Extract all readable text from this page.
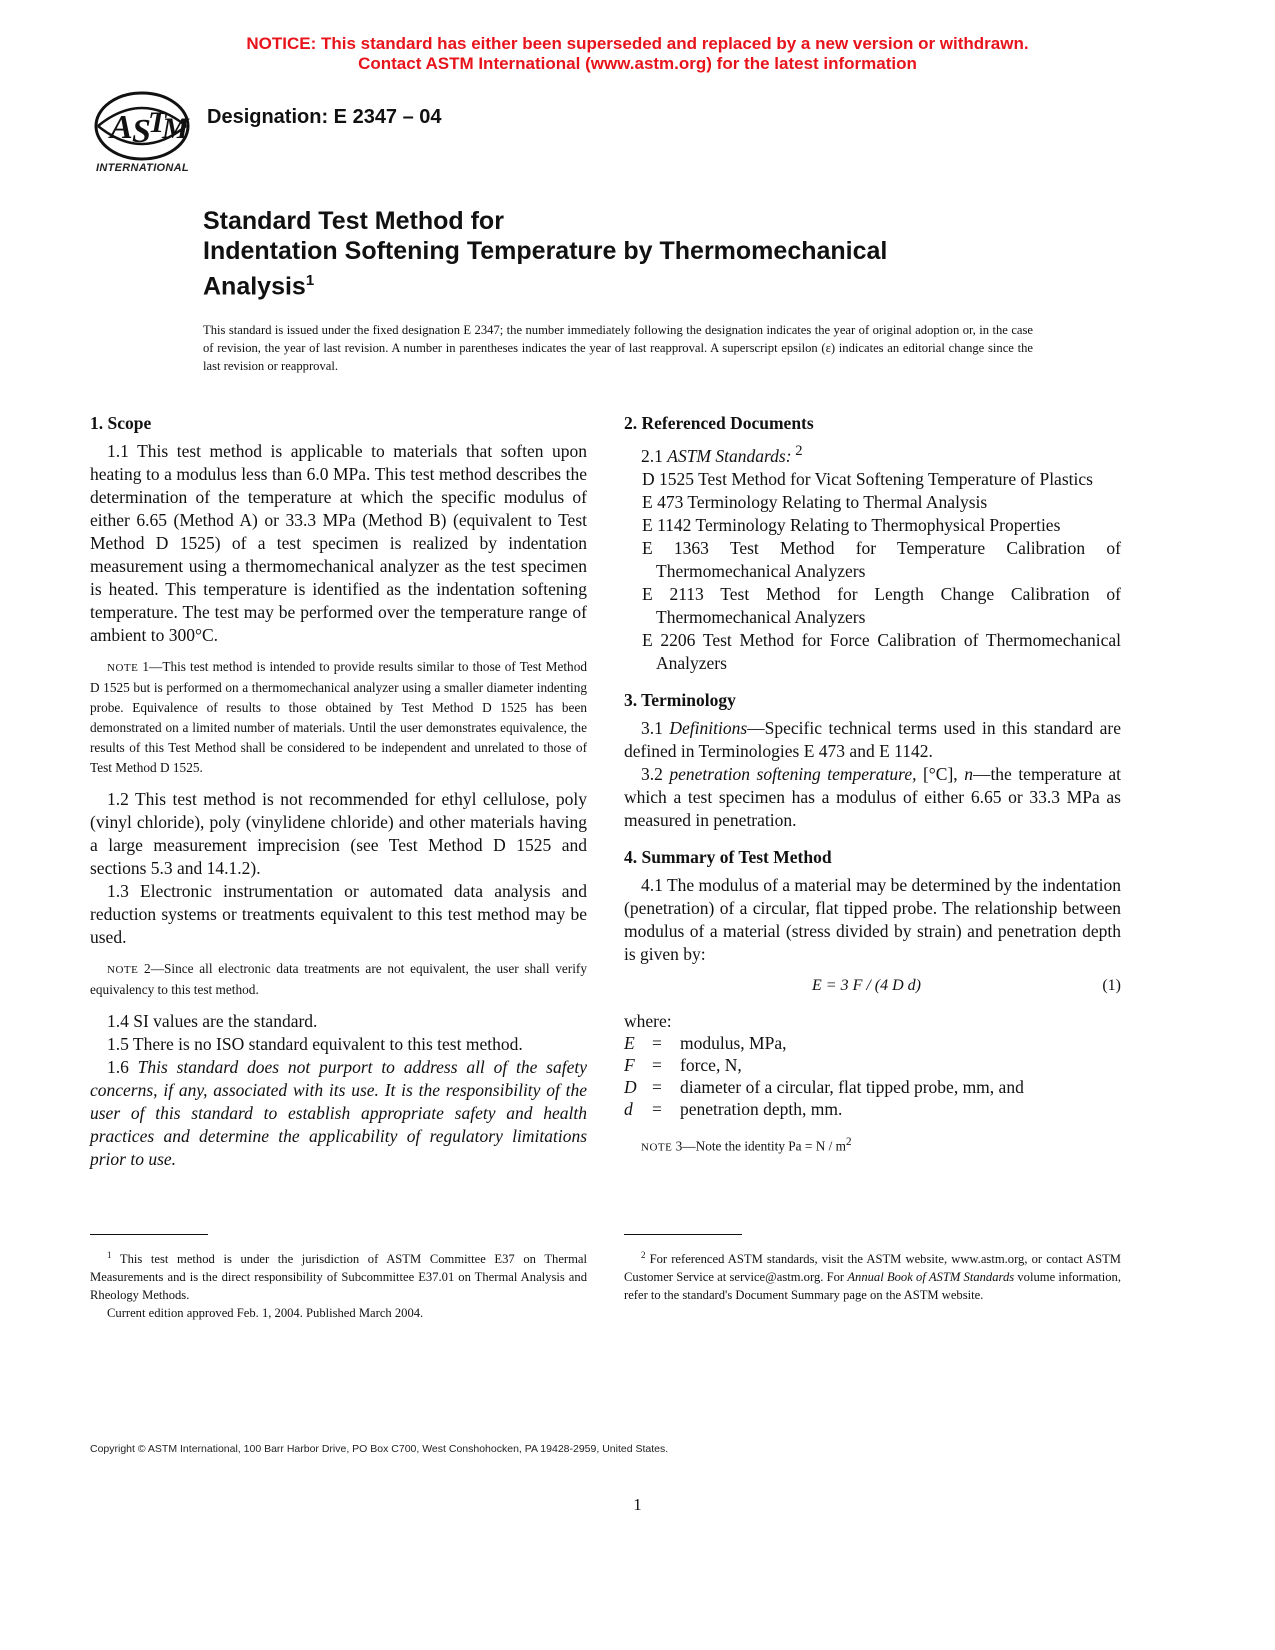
NOTICE: This standard has either been superseded and replaced by a new version or withdrawn.
Contact ASTM International (www.astm.org) for the latest information
A S
T
M
INTERNATIONAL
Designation: E 2347 – 04
Standard Test Method for
Indentation Softening Temperature by Thermomechanical
Analysis$^1$
This standard is issued under the fixed designation E 2347; the number immediately following the designation indicates the year of original adoption or, in the case of revision, the year of last revision. A number in parentheses indicates the year of last reapproval. A superscript epsilon (ε) indicates an editorial change since the last revision or reapproval.
1. Scope

1.1 This test method is applicable to materials that soften upon heating to a modulus less than 6.0 MPa. This test method describes the determination of the temperature at which the specific modulus of either 6.65 (Method A) or 33.3 MPa (Method B) (equivalent to Test Method D 1525) of a test specimen is realized by indentation measurement using a thermomechanical analyzer as the test specimen is heated. This temperature is identified as the indentation softening temperature. The test may be performed over the temperature range of ambient to 300°C.

NOTE 1—This test method is intended to provide results similar to those of Test Method D 1525 but is performed on a thermomechanical analyzer using a smaller diameter indenting probe. Equivalence of results to those obtained by Test Method D 1525 has been demonstrated on a limited number of materials. Until the user demonstrates equivalence, the results of this Test Method shall be considered to be independent and unrelated to those of Test Method D 1525.

1.2 This test method is not recommended for ethyl cellulose, poly (vinyl chloride), poly (vinylidene chloride) and other materials having a large measurement imprecision (see Test Method D 1525 and sections 5.3 and 14.1.2).

1.3 Electronic instrumentation or automated data analysis and reduction systems or treatments equivalent to this test method may be used.

NOTE 2—Since all electronic data treatments are not equivalent, the user shall verify equivalency to this test method.

1.4 SI values are the standard.

1.5 There is no ISO standard equivalent to this test method.

1.6 This standard does not purport to address all of the safety concerns, if any, associated with its use. It is the responsibility of the user of this standard to establish appropriate safety and health practices and determine the applicability of regulatory limitations prior to use.

2. Referenced Documents

2.1 ASTM Standards: $^2$

D 1525 Test Method for Vicat Softening Temperature of Plastics

E 473 Terminology Relating to Thermal Analysis

E 1142 Terminology Relating to Thermophysical Properties

E 1363 Test Method for Temperature Calibration of Thermomechanical Analyzers

E 2113 Test Method for Length Change Calibration of Thermomechanical Analyzers

E 2206 Test Method for Force Calibration of Thermomechanical Analyzers

3. Terminology

3.1 Definitions—Specific technical terms used in this standard are defined in Terminologies E 473 and E 1142.

3.2 penetration softening temperature, [°C], n—the temperature at which a test specimen has a modulus of either 6.65 or 33.3 MPa as measured in penetration.

4. Summary of Test Method

4.1 The modulus of a material may be determined by the indentation (penetration) of a circular, flat tipped probe. The relationship between modulus of a material (stress divided by strain) and penetration depth is given by:

E = 3 F / (4 D d)	(1)

where:

E =	modulus, MPa,
F =	force, N,
D =	diameter of a circular, flat tipped probe, mm, and
d	=	penetration depth, mm.

NOTE 3—Note the identity $Pa = N / m^2$

$^1$ This test method is under the jurisdiction of ASTM Committee E37 on Thermal Measurements and is the direct responsibility of Subcommittee E37.01 on Thermal Analysis and Rheology Methods.

Current edition approved Feb. 1, 2004. Published March 2004.

$^2$ For referenced ASTM standards, visit the ASTM website, www.astm.org, or contact ASTM Customer Service at service@astm.org. For Annual Book of ASTM Standards volume information, refer to the standard's Document Summary page on the ASTM website.

Copyright © ASTM International, 100 Barr Harbor Drive, PO Box C700, West Conshohocken, PA 19428-2959, United States.
1
